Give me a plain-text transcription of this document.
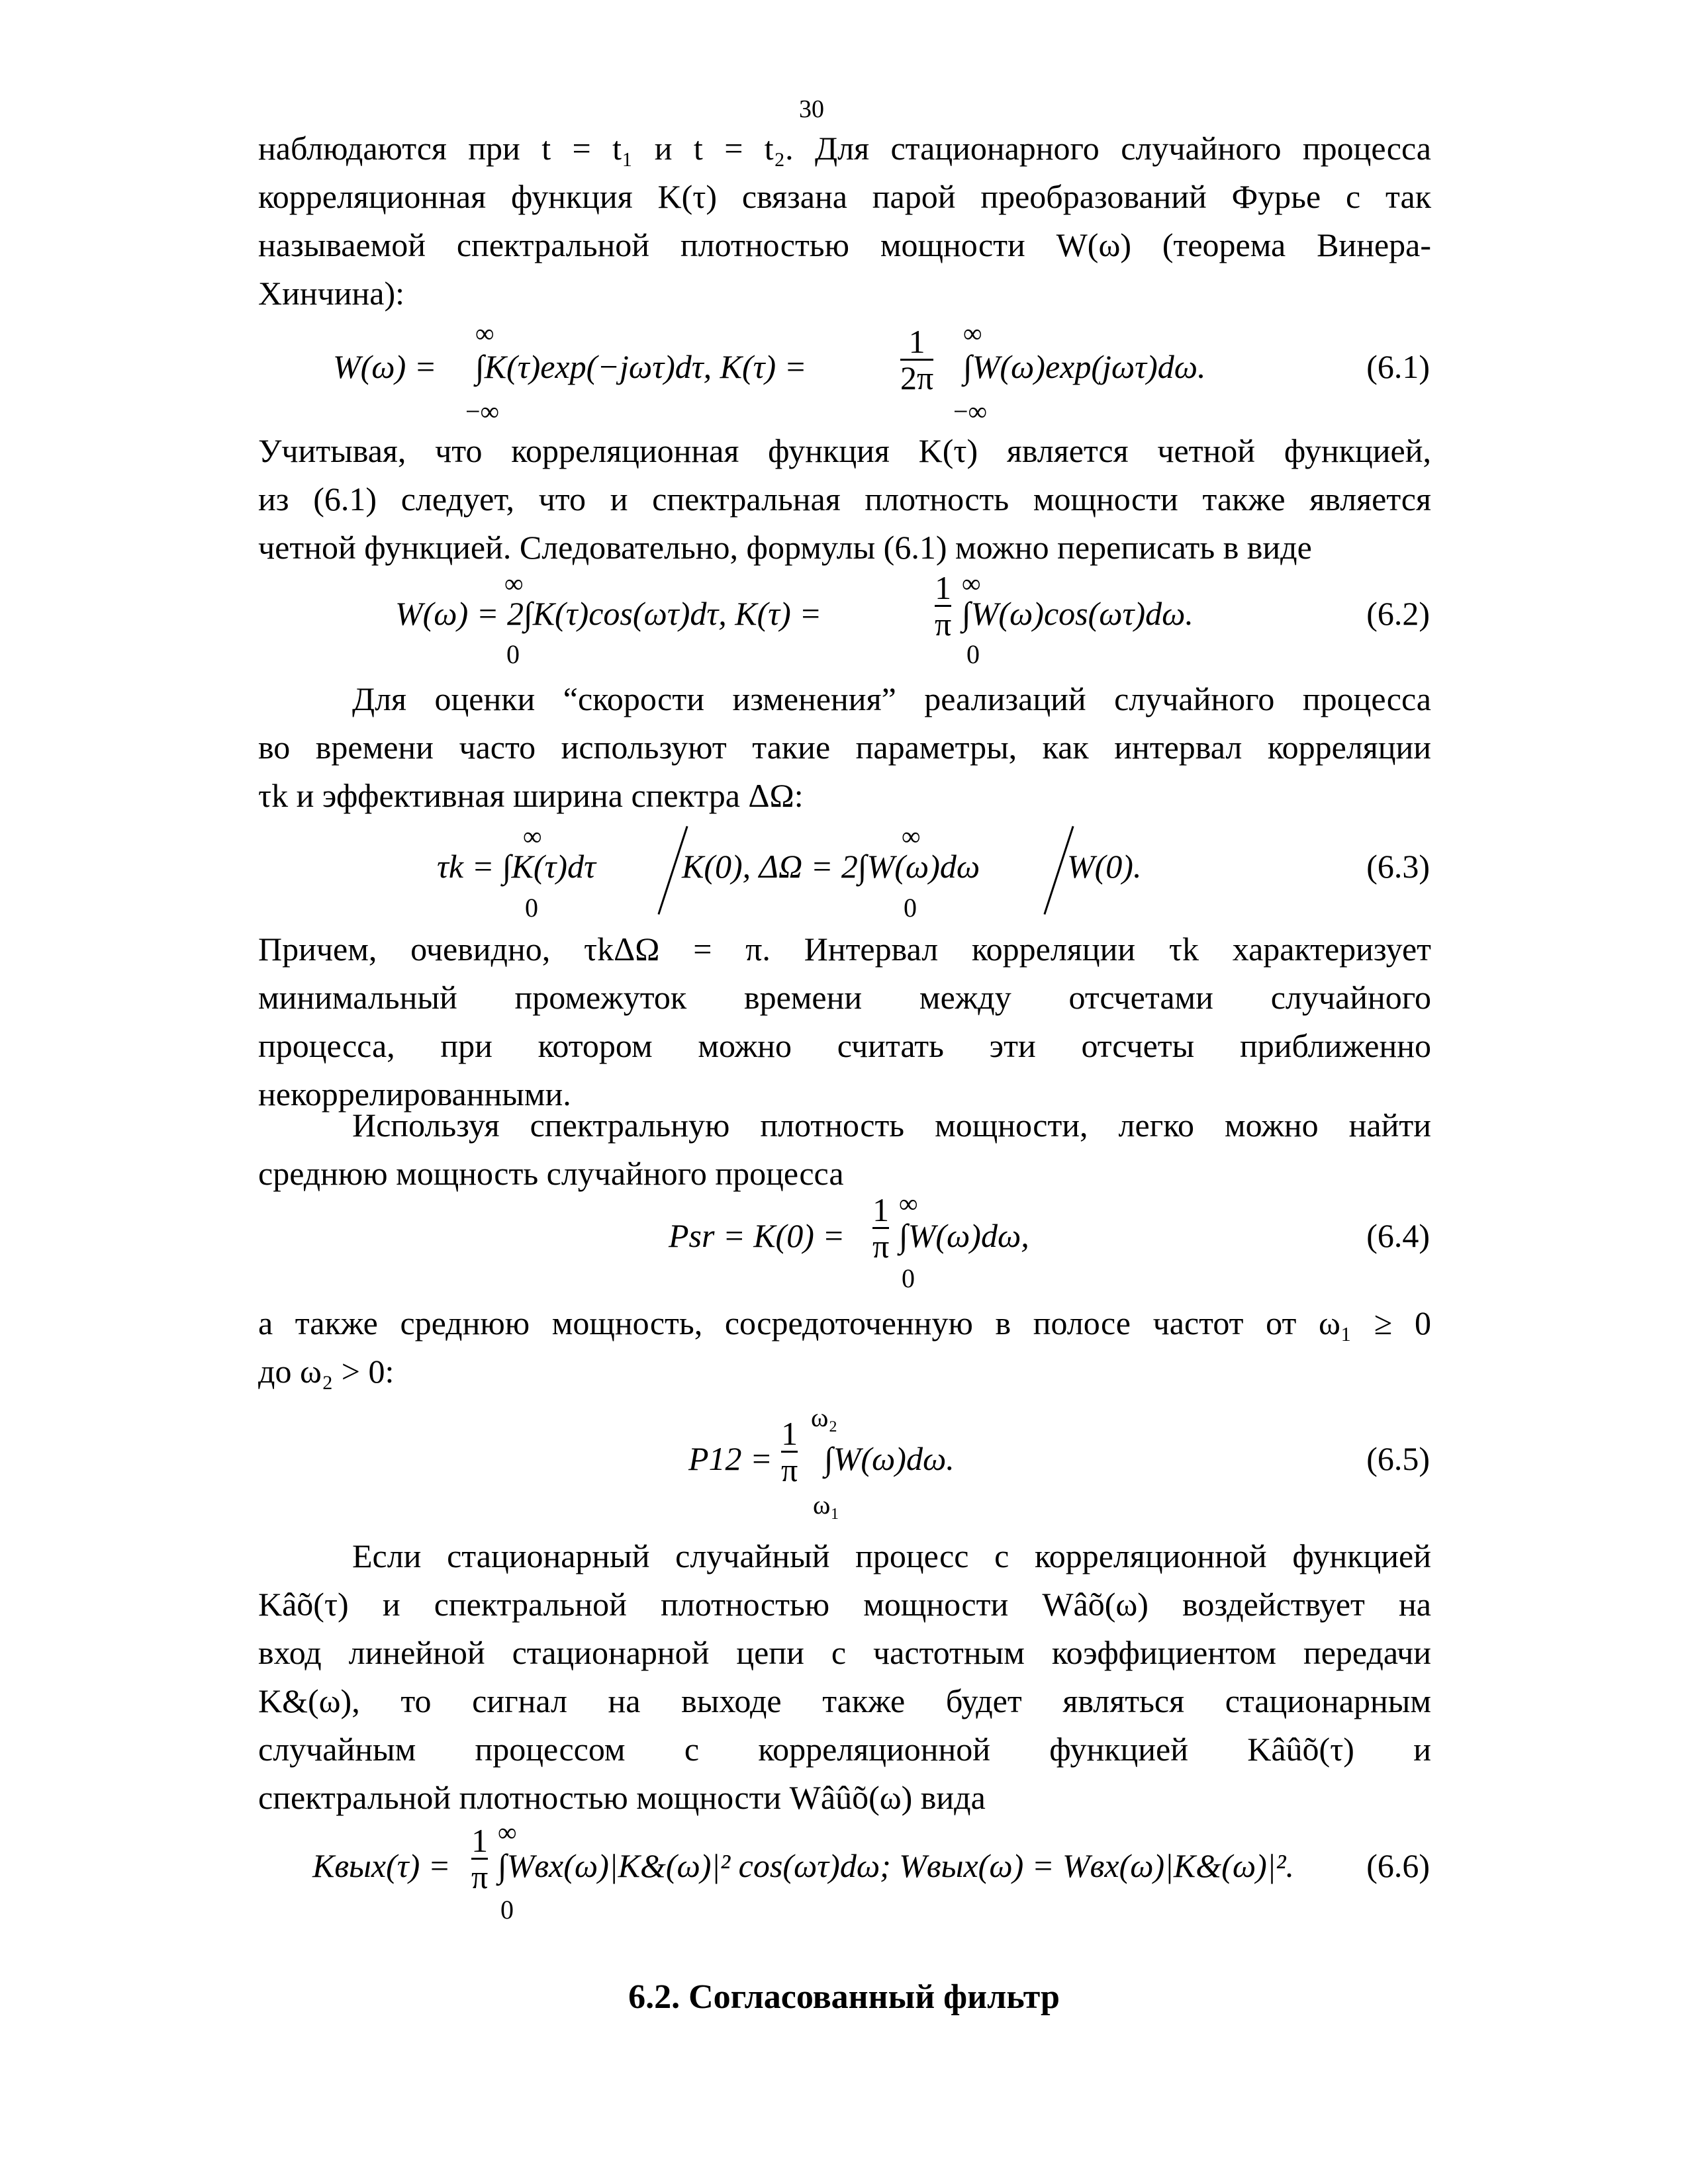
30
наблюдаются при t = t₁ и t = t₂. Для стационарного случайного процесса
корреляционная функция K(τ) связана парой преобразований Фурье с так
называемой спектральной плотностью мощности W(ω) (теорема Винера-
Хинчина):
W(ω) =
∞
−∞
∫K(τ)exp(−jωτ)dτ, K(τ) =	$\frac{1}{2\pi}$ ∞
−∞
∫W(ω)exp(jωτ)dω.	(6.1)
Учитывая, что корреляционная функция K(τ) является четной функцией,
из (6.1) следует, что и спектральная плотность мощности также является
четной функцией. Следовательно, формулы (6.1) можно переписать в виде
∞
0
W(ω) = 2∫K(τ)cos(ωτ)dτ, K(τ) =	$\frac{1}{\pi}$ ∞
0
∫W(ω)cos(ωτ)dω.	(6.2)

Для оценки “скорости изменения” реализаций случайного процесса

во времени часто используют такие параметры, как интервал корреляции
τk и эффективная ширина спектра ΔΩ:
∞
0
τk = ∫K(τ)dτ	K(0), ΔΩ = 2∫W(ω)dω
∞
0
W(0).	(6.3)
Причем, очевидно, τkΔΩ = π. Интервал корреляции τk характеризует
минимальный промежуток времени между отсчетами случайного
процесса, при котором можно считать эти отсчеты приближенно
некоррелированными.

Используя спектральную плотность мощности, легко можно найти

среднюю мощность случайного процесса
Psr = $K(0) = \frac{1}{\pi}$ ∞
0
∫W(ω)dω,	(6.4)
а также среднюю мощность, сосредоточенную в полосе частот от ω₁ ≥ 0
до ω₂ > 0:
$P12 = \frac{1}{\pi} \omega_2$
ω₁
∫W(ω)dω.	(6.5)

Если стационарный случайный процесс с корреляционной функцией

Kâõ(τ) и спектральной плотностью мощности Wâõ(ω) воздействует на
вход линейной стационарной цепи с частотным коэффициентом передачи
K&(ω), то сигнал на выходе также будет являться стационарным
случайным процессом с корреляционной функцией Kâûõ(τ) и
спектральной плотностью мощности Wâûõ(ω) вида
Kвых(τ) = $\frac{1}{\pi}$ ∞
0
∫Wвх(ω)|K&(ω)|² cos(ωτ)dω; Wвых(ω) = Wвх(ω)|K&(ω)|². (6.6)
6.2. Согласованный фильтр
